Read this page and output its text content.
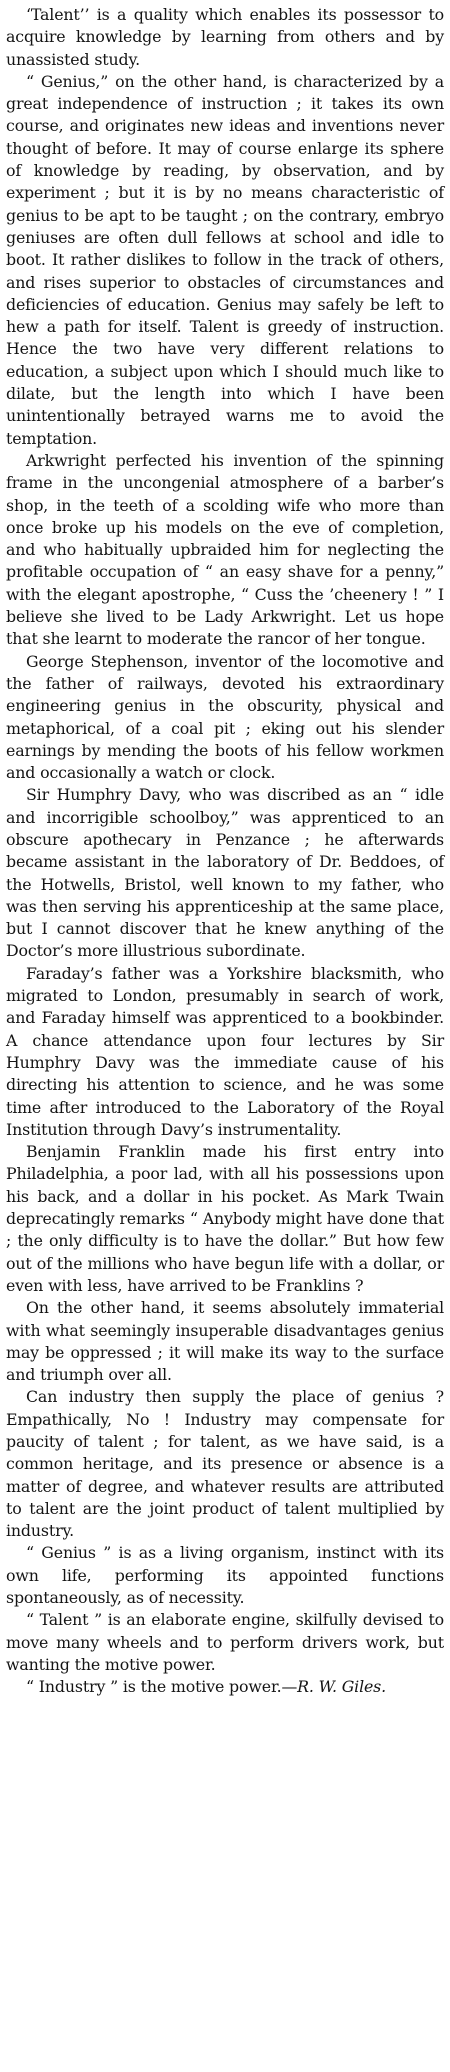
‘Talent’’ is a quality which enables its possessor to acquire knowledge by learning from others and by unassisted study.

“ Genius,” on the other hand, is characterized by a great independence of instruction ; it takes its own course, and originates new ideas and inventions never thought of before. It may of course enlarge its sphere of knowledge by reading, by observation, and by experiment ; but it is by no means characteristic of genius to be apt to be taught ; on the contrary, embryo geniuses are often dull fellows at school and idle to boot. It rather dislikes to follow in the track of others, and rises superior to obstacles of circumstances and deficiencies of education. Genius may safely be left to hew a path for itself. Talent is greedy of instruction. Hence the two have very different relations to education, a subject upon which I should much like to dilate, but the length into which I have been unintentionally betrayed warns me to avoid the temptation.

Arkwright perfected his invention of the spinning frame in the uncongenial atmosphere of a barber’s shop, in the teeth of a scolding wife who more than once broke up his models on the eve of completion, and who habitually upbraided him for neglecting the profitable occupation of “ an easy shave for a penny,” with the elegant apostrophe, “ Cuss the ’cheenery ! ” I believe she lived to be Lady Arkwright. Let us hope that she learnt to moderate the rancor of her tongue.

George Stephenson, inventor of the locomotive and the father of railways, devoted his extraordinary engineering genius in the obscurity, physical and metaphorical, of a coal pit ; eking out his slender earnings by mending the boots of his fellow workmen and occasionally a watch or clock.

Sir Humphry Davy, who was discribed as an “ idle and incorrigible schoolboy,” was apprenticed to an obscure apothecary in Penzance ; he afterwards became assistant in the laboratory of Dr. Beddoes, of the Hotwells, Bristol, well known to my father, who was then serving his apprenticeship at the same place, but I cannot discover that he knew anything of the Doctor’s more illustrious subordinate.

Faraday’s father was a Yorkshire blacksmith, who migrated to London, presumably in search of work, and Faraday himself was apprenticed to a bookbinder. A chance attendance upon four lectures by Sir Humphry Davy was the immediate cause of his directing his attention to science, and he was some time after introduced to the Laboratory of the Royal Institution through Davy’s instrumentality.

Benjamin Franklin made his first entry into Philadelphia, a poor lad, with all his possessions upon his back, and a dollar in his pocket. As Mark Twain deprecatingly remarks “ Anybody might have done that ; the only difficulty is to have the dollar.” But how few out of the millions who have begun life with a dollar, or even with less, have arrived to be Franklins ?

On the other hand, it seems absolutely immaterial with what seemingly insuperable disadvantages genius may be oppressed ; it will make its way to the surface and triumph over all.

Can industry then supply the place of genius ? Empathically, No ! Industry may compensate for paucity of talent ; for talent, as we have said, is a common heritage, and its presence or absence is a matter of degree, and whatever results are attributed to talent are the joint product of talent multiplied by industry.

“ Genius ” is as a living organism, instinct with its own life, performing its appointed functions spontaneously, as of necessity.

“ Talent ” is an elaborate engine, skilfully devised to move many wheels and to perform drivers work, but wanting the motive power.

“ Industry ” is the motive power.—R. W. Giles.
